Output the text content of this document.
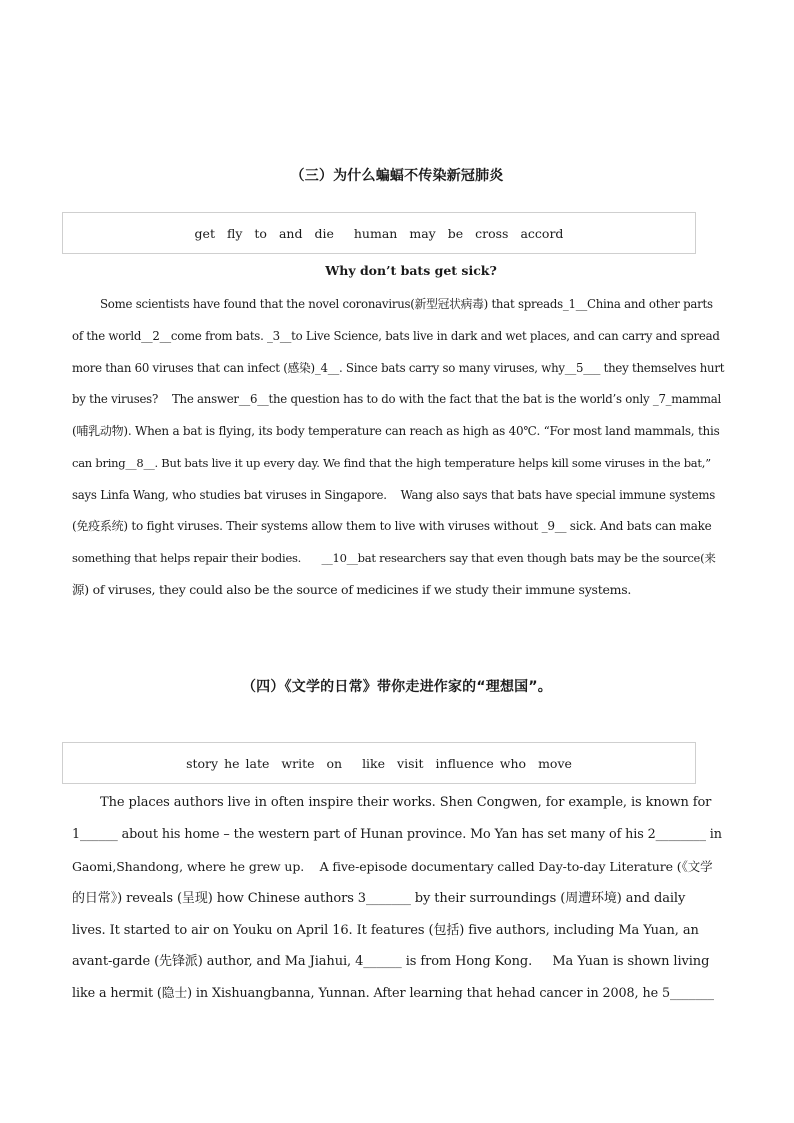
（三）为什么蝙蝠不传染新冠肺炎
get fly to and die human may be cross accord
Why don’t bats get sick?
Some scientists have found that the novel coronavirus(新型冠状病毒) that spreads_1__China and other parts
of the world__2__come from bats. _3__to Live Science, bats live in dark and wet places, and can carry and spread
more than 60 viruses that can infect (感染)_4__. Since bats carry so many viruses, why__5___ they themselves hurt
by the viruses?    The answer__6__the question has to do with the fact that the bat is the world’s only _7_mammal
(哺乳动物). When a bat is flying, its body temperature can reach as high as 40℃. “For most land mammals, this
can bring__8__. But bats live it up every day. We find that the high temperature helps kill some viruses in the bat,”
says Linfa Wang, who studies bat viruses in Singapore.    Wang also says that bats have special immune systems
(免疫系统) to fight viruses. Their systems allow them to live with viruses without _9__ sick. And bats can make
something that helps repair their bodies.      __10__bat researchers say that even though bats may be the source(来
源) of viruses, they could also be the source of medicines if we study their immune systems.
（四）《文学的日常》带你走进作家的“理想国”。
story he late write on like visit influence who move
The places authors live in often inspire their works. Shen Congwen, for example, is known for
1______ about his home – the western part of Hunan province. Mo Yan has set many of his 2________ in
Gaomi,Shandong, where he grew up.    A five-episode documentary called Day-to-day Literature (《文学
的日常》) reveals (呈现) how Chinese authors 3_______ by their surroundings (周遭环境) and daily
lives. It started to air on Youku on April 16. It features (包括) five authors, including Ma Yuan, an
avant-garde (先锋派) author, and Ma Jiahui, 4______ is from Hong Kong.     Ma Yuan is shown living
like a hermit (隐士) in Xishuangbanna, Yunnan. After learning that hehad cancer in 2008, he 5_______
